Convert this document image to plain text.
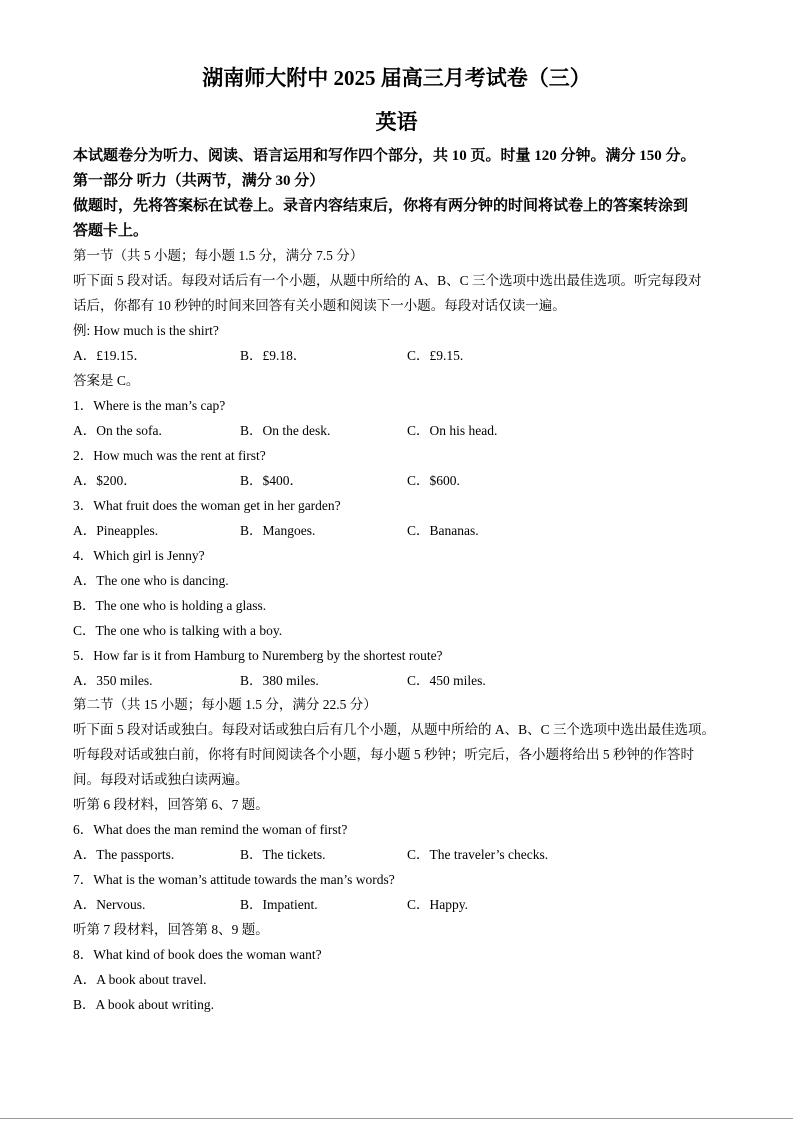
湖南师大附中 2025 届高三月考试卷（三）
英语
本试题卷分为听力、阅读、语言运用和写作四个部分，共 10 页。时量 120 分钟。满分 150 分。
第一部分 听力（共两节，满分 30 分）
做题时，先将答案标在试卷上。录音内容结束后，你将有两分钟的时间将试卷上的答案转涂到
答题卡上。
第一节（共 5 小题；每小题 1.5 分，满分 7.5 分）
听下面 5 段对话。每段对话后有一个小题，从题中所给的 A、B、C 三个选项中选出最佳选项。听完每段对
话后，你都有 10 秒钟的时间来回答有关小题和阅读下一小题。每段对话仅读一遍。
例: How much is the shirt?
A．£19.15．	B．£9.18．	C．£9.15.
答案是 C。
1．Where is the man’s cap?
A．On the sofa.	B．On the desk.	C．On his head.
2．How much was the rent at first?
A．$200．	B．$400．	C．$600.
3．What fruit does the woman get in her garden?
A．Pineapples.	B．Mangoes.	C．Bananas.
4．Which girl is Jenny?
A．The one who is dancing.
B．The one who is holding a glass.
C．The one who is talking with a boy.
5．How far is it from Hamburg to Nuremberg by the shortest route?
A．350 miles.	B．380 miles.	C．450 miles.
第二节（共 15 小题；每小题 1.5 分，满分 22.5 分）
听下面 5 段对话或独白。每段对话或独白后有几个小题，从题中所给的 A、B、C 三个选项中选出最佳选项。
听每段对话或独白前，你将有时间阅读各个小题，每小题 5 秒钟；听完后，各小题将给出 5 秒钟的作答时
间。每段对话或独白读两遍。
听第 6 段材料，回答第 6、7 题。
6．What does the man remind the woman of first?
A．The passports.	B．The tickets.	C．The traveler’s checks.
7．What is the woman’s attitude towards the man’s words?
A．Nervous.	B．Impatient.	C．Happy.
听第 7 段材料，回答第 8、9 题。
8．What kind of book does the woman want?
A．A book about travel.
B．A book about writing.
